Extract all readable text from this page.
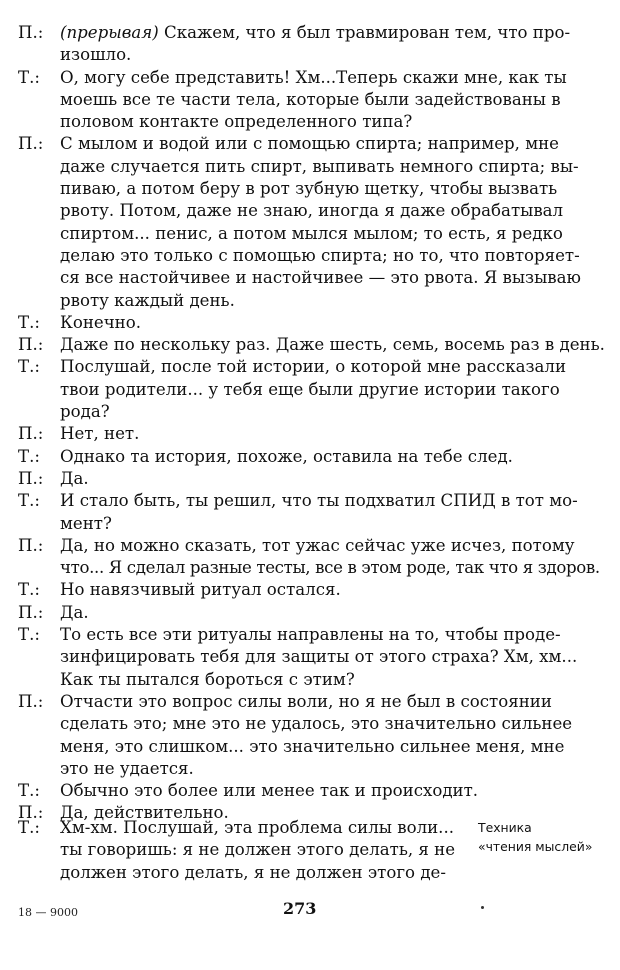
П.:	(прерывая) Скажем, что я был травмирован тем, что про-
изошло.
Т.:	О, могу себе представить! Хм...Теперь скажи мне, как ты
моешь все те части тела, которые были задействованы в
половом контакте определенного типа?
П.:	С мылом и водой или с помощью спирта; например, мне
даже случается пить спирт, выпивать немного спирта; вы-
пиваю, а потом беру в рот зубную щетку, чтобы вызвать
рвоту. Потом, даже не знаю, иногда я даже обрабатывал
спиртом... пенис, а потом мылся мылом; то есть, я редко
делаю это только с помощью спирта; но то, что повторяет-
ся все настойчивее и настойчивее — это рвота. Я вызываю
рвоту каждый день.
Т.:	Конечно.
П.:	Даже по нескольку раз. Даже шесть, семь, восемь раз в день.
Т.:	Послушай, после той истории, о которой мне рассказали
твои родители... у тебя еще были другие истории такого
рода?
П.:	Нет, нет.
Т.:	Однако та история, похоже, оставила на тебе след.
П.:	Да.
Т.:	И стало быть, ты решил, что ты подхватил СПИД в тот мо-
мент?
П.:	Да, но можно сказать, тот ужас сейчас уже исчез, потому
что... Я сделал разные тесты, все в этом роде, так что я здоров.
Т.:	Но навязчивый ритуал остался.
П.:	Да.
Т.:	То есть все эти ритуалы направлены на то, чтобы проде-
зинфицировать тебя для защиты от этого страха? Хм, хм...
Как ты пытался бороться с этим?
П.:	Отчасти это вопрос силы воли, но я не был в состоянии
сделать это; мне это не удалось, это значительно сильнее
меня, это слишком... это значительно сильнее меня, мне
это не удается.
Т.:	Обычно это более или менее так и происходит.
П.:	Да, действительно.
Т.:	Хм-хм. Послушай, эта проблема силы воли...
ты говоришь: я не должен этого делать, я не
должен этого делать, я не должен этого де-
Техника
«чтения мыслей»
18 — 9000	273
